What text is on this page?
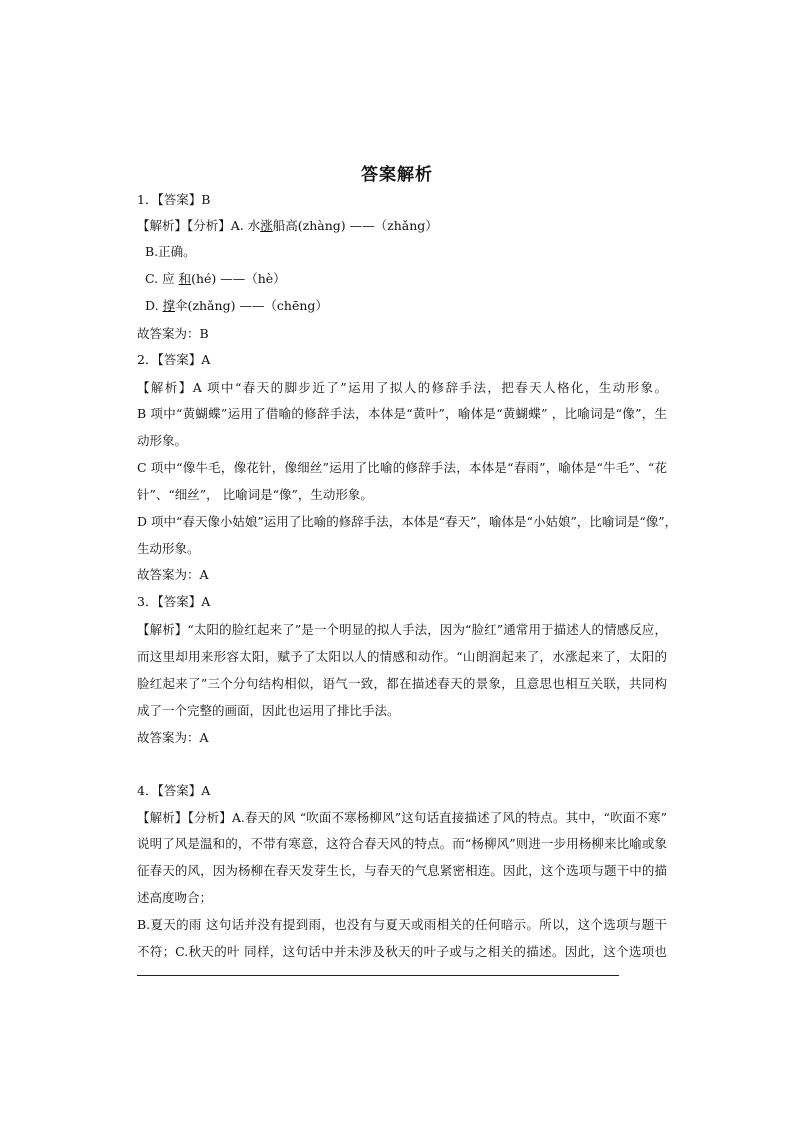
答案解析
1．【答案】B
【解析】【分析】A. 水涨船高(zhàng) ——（zhǎng）
B.正确。
C. 应 和(hé) ——（hè）
D. 撑伞(zhǎng) ——（chēng）
故答案为：B
2．【答案】A
【解析】A 项中“春天的脚步近了”运用了拟人的修辞手法，把春天人格化，生动形象。
B 项中“黄蝴蝶”运用了借喻的修辞手法，本体是“黄叶”，喻体是“黄蝴蝶” ，比喻词是“像”，生
动形象。
C 项中“像牛毛，像花针，像细丝”运用了比喻的修辞手法，本体是“春雨”，喻体是“牛毛”、“花
针”、“细丝”， 比喻词是“像”，生动形象。
D 项中“春天像小姑娘”运用了比喻的修辞手法，本体是“春天”，喻体是“小姑娘”，比喻词是“像”，
生动形象。
故答案为：A
3．【答案】A
【解析】“太阳的脸红起来了”是一个明显的拟人手法，因为“脸红”通常用于描述人的情感反应，
而这里却用来形容太阳，赋予了太阳以人的情感和动作。“山朗润起来了，水涨起来了，太阳的
脸红起来了”三个分句结构相似，语气一致，都在描述春天的景象，且意思也相互关联，共同构
成了一个完整的画面，因此也运用了排比手法。
故答案为：A
4．【答案】A
【解析】【分析】A.春天的风 “吹面不寒杨柳风”这句话直接描述了风的特点。其中，“吹面不寒”
说明了风是温和的，不带有寒意，这符合春天风的特点。而“杨柳风”则进一步用杨柳来比喻或象
征春天的风，因为杨柳在春天发芽生长，与春天的气息紧密相连。因此，这个选项与题干中的描
述高度吻合；
B.夏天的雨 这句话并没有提到雨，也没有与夏天或雨相关的任何暗示。所以，这个选项与题干
不符；C.秋天的叶 同样，这句话中并未涉及秋天的叶子或与之相关的描述。因此，这个选项也
